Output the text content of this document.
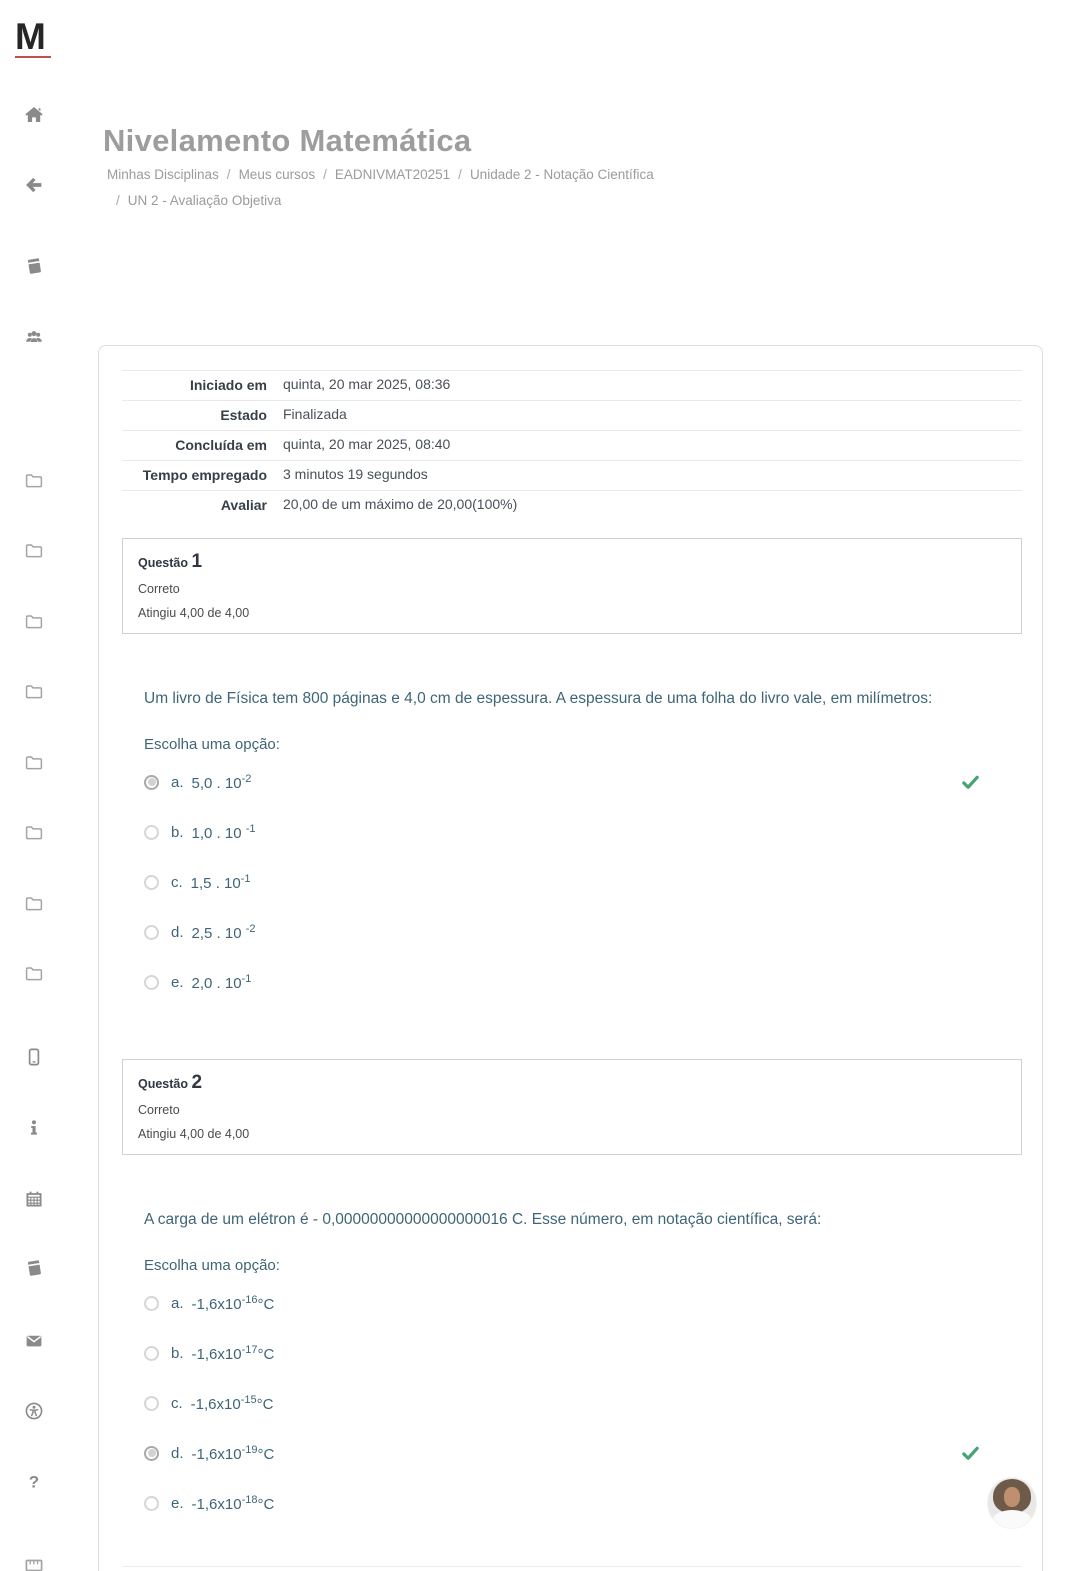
M
Nivelamento Matemática
Minhas Disciplinas / Meus cursos / EADNIVMAT20251 / Unidade 2 - Notação Científica
/ UN 2 - Avaliação Objetiva
Iniciado em	quinta, 20 mar 2025, 08:36
Estado	Finalizada
Concluída em	quinta, 20 mar 2025, 08:40
Tempo empregado	3 minutos 19 segundos
Avaliar	20,00 de um máximo de 20,00(100%)
Questão 1
Correto
Atingiu 4,00 de 4,00

Um livro de Física tem 800 páginas e 4,0 cm de espessura. A espessura de uma folha do livro vale, em milímetros:

Escolha uma opção:

a. 5,0 . $10^{-2}$
b. 1,0 . 10 $^{-1}$
c. 1,5 . $10^{-1}$
d. 2,5 . 10 $^{-2}$
e. 2,0 . $10^{-1}$
Questão 2
Correto
Atingiu 4,00 de 4,00

A carga de um elétron é - 0,00000000000000000016 C. Esse número, em notação científica, será:

Escolha uma opção:

a. $-1,6x10^{-16}^\circ C$
b. $-1,6x10^{-17}^\circ C$
c. $-1,6x10^{-15}^\circ C$
d. $-1,6x10^{-19}^\circ C$
e. $-1,6x10^{-18}^\circ C$
